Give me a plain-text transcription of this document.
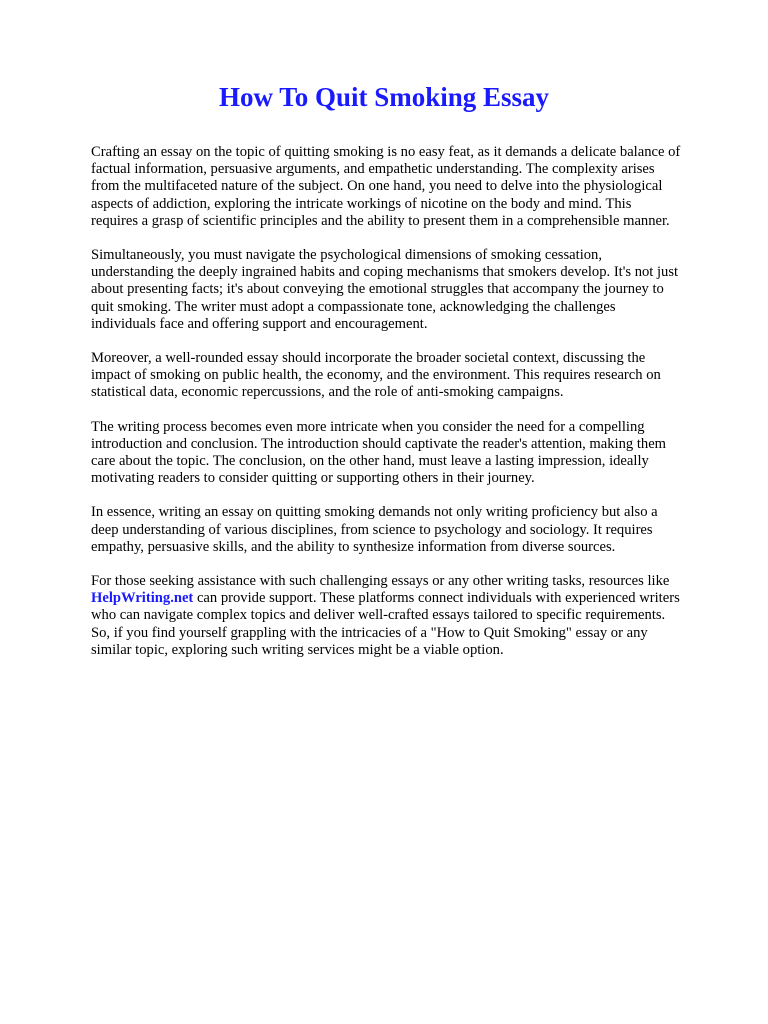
How To Quit Smoking Essay

Crafting an essay on the topic of quitting smoking is no easy feat, as it demands a delicate balance of factual information, persuasive arguments, and empathetic understanding. The complexity arises from the multifaceted nature of the subject. On one hand, you need to delve into the physiological aspects of addiction, exploring the intricate workings of nicotine on the body and mind. This requires a grasp of scientific principles and the ability to present them in a comprehensible manner.

Simultaneously, you must navigate the psychological dimensions of smoking cessation, understanding the deeply ingrained habits and coping mechanisms that smokers develop. It's not just about presenting facts; it's about conveying the emotional struggles that accompany the journey to quit smoking. The writer must adopt a compassionate tone, acknowledging the challenges individuals face and offering support and encouragement.

Moreover, a well-rounded essay should incorporate the broader societal context, discussing the impact of smoking on public health, the economy, and the environment. This requires research on statistical data, economic repercussions, and the role of anti-smoking campaigns.

The writing process becomes even more intricate when you consider the need for a compelling introduction and conclusion. The introduction should captivate the reader's attention, making them care about the topic. The conclusion, on the other hand, must leave a lasting impression, ideally motivating readers to consider quitting or supporting others in their journey.

In essence, writing an essay on quitting smoking demands not only writing proficiency but also a deep understanding of various disciplines, from science to psychology and sociology. It requires empathy, persuasive skills, and the ability to synthesize information from diverse sources.

For those seeking assistance with such challenging essays or any other writing tasks, resources like HelpWriting.net can provide support. These platforms connect individuals with experienced writers who can navigate complex topics and deliver well-crafted essays tailored to specific requirements. So, if you find yourself grappling with the intricacies of a "How to Quit Smoking" essay or any similar topic, exploring such writing services might be a viable option.
